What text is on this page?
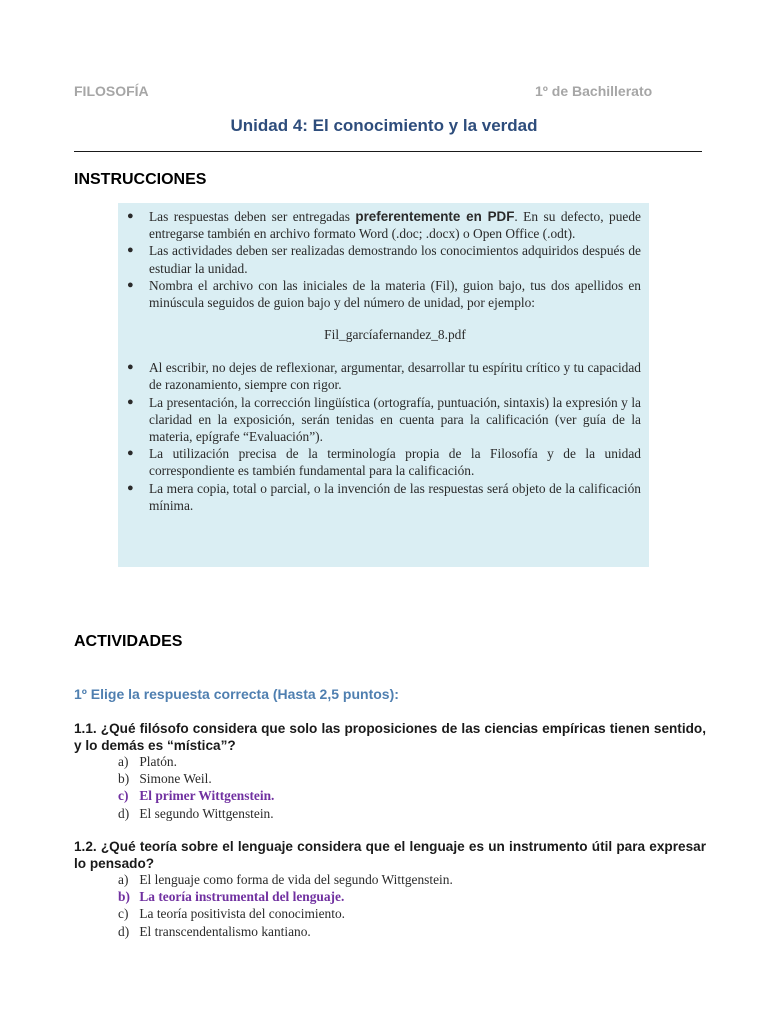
FILOSOFÍA	1º de Bachillerato
Unidad 4: El conocimiento y la verdad
INSTRUCCIONES
● Las respuestas deben ser entregadas preferentemente en PDF. En su defecto, puede entregarse también en archivo formato Word (.doc; .docx) o Open Office (.odt).
● Las actividades deben ser realizadas demostrando los conocimientos adquiridos después de estudiar la unidad.
● Nombra el archivo con las iniciales de la materia (Fil), guion bajo, tus dos apellidos en minúscula seguidos de guion bajo y del número de unidad, por ejemplo:
Fil_garcíafernandez_8.pdf
● Al escribir, no dejes de reflexionar, argumentar, desarrollar tu espíritu crítico y tu capacidad de razonamiento, siempre con rigor.
● La presentación, la corrección lingüística (ortografía, puntuación, sintaxis) la expresión y la claridad en la exposición, serán tenidas en cuenta para la calificación (ver guía de la materia, epígrafe “Evaluación”).
● La utilización precisa de la terminología propia de la Filosofía y de la unidad correspondiente es también fundamental para la calificación.
● La mera copia, total o parcial, o la invención de las respuestas será objeto de la calificación mínima.
ACTIVIDADES
1º Elige la respuesta correcta (Hasta 2,5 puntos):
1.1. ¿Qué filósofo considera que solo las proposiciones de las ciencias empíricas tienen sentido, y lo demás es “mística”?
a) Platón.
b) Simone Weil.
c) El primer Wittgenstein.
d) El segundo Wittgenstein.
1.2. ¿Qué teoría sobre el lenguaje considera que el lenguaje es un instrumento útil para expresar lo pensado?
a) El lenguaje como forma de vida del segundo Wittgenstein.
b) La teoría instrumental del lenguaje.
c) La teoría positivista del conocimiento.
d) El transcendentalismo kantiano.
